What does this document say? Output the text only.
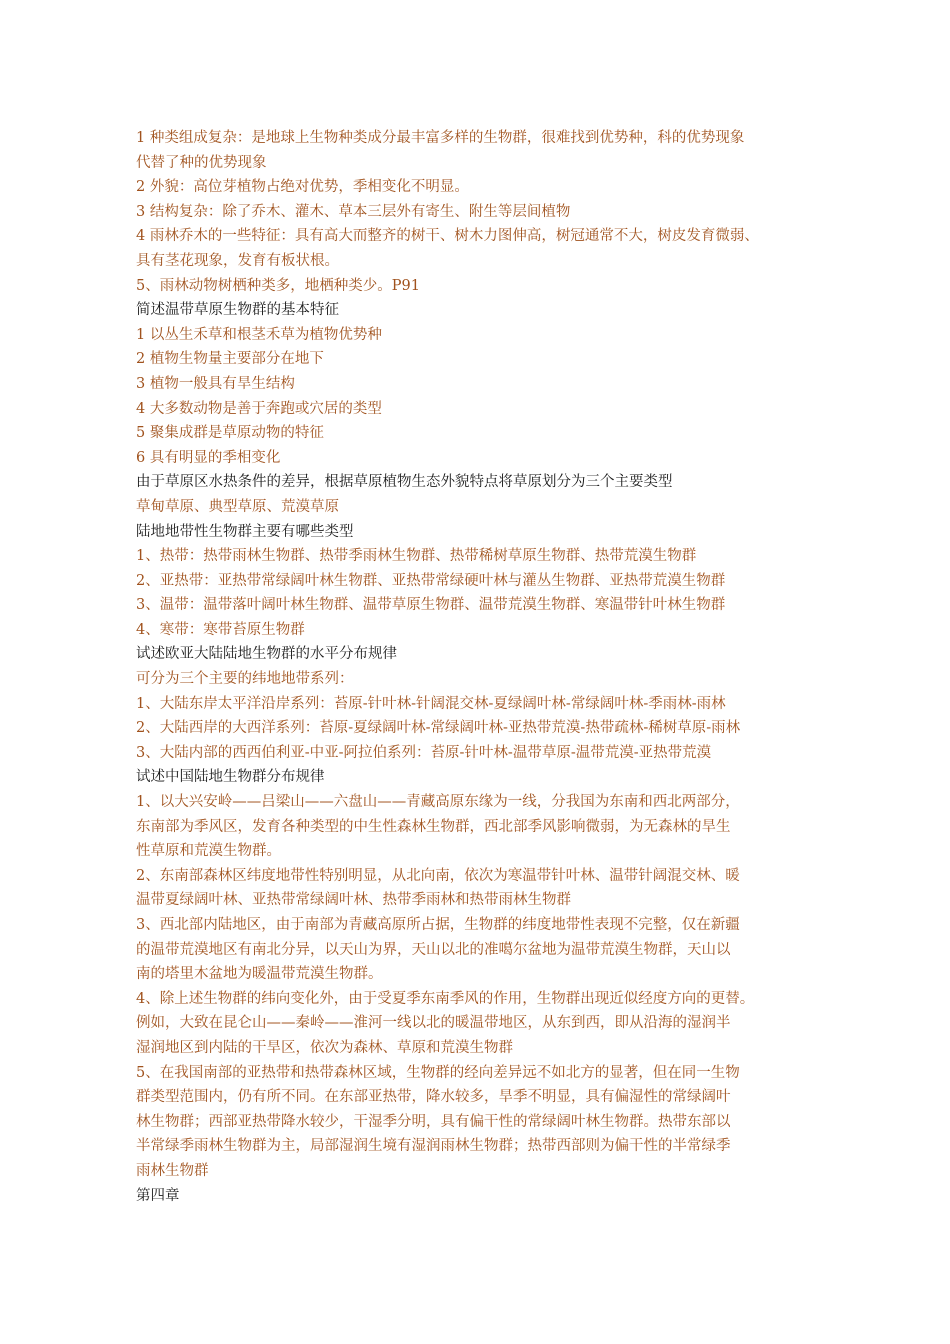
1 种类组成复杂：是地球上生物种类成分最丰富多样的生物群，很难找到优势种，科的优势现象
代替了种的优势现象
2 外貌：高位芽植物占绝对优势，季相变化不明显。
3 结构复杂：除了乔木、灌木、草本三层外有寄生、附生等层间植物
4 雨林乔木的一些特征：具有高大而整齐的树干、树木力图伸高，树冠通常不大，树皮发育微弱、
具有茎花现象，发育有板状根。
5、雨林动物树栖种类多，地栖种类少。P91
简述温带草原生物群的基本特征
1 以丛生禾草和根茎禾草为植物优势种
2 植物生物量主要部分在地下
3 植物一般具有旱生结构
4 大多数动物是善于奔跑或穴居的类型
5 聚集成群是草原动物的特征
6 具有明显的季相变化
由于草原区水热条件的差异，根据草原植物生态外貌特点将草原划分为三个主要类型
草甸草原、典型草原、荒漠草原
陆地地带性生物群主要有哪些类型
1、热带：热带雨林生物群、热带季雨林生物群、热带稀树草原生物群、热带荒漠生物群
2、亚热带：亚热带常绿阔叶林生物群、亚热带常绿硬叶林与灌丛生物群、亚热带荒漠生物群
3、温带：温带落叶阔叶林生物群、温带草原生物群、温带荒漠生物群、寒温带针叶林生物群
4、寒带：寒带苔原生物群
试述欧亚大陆陆地生物群的水平分布规律
可分为三个主要的纬地地带系列：
1、大陆东岸太平洋沿岸系列：苔原-针叶林-针阔混交林-夏绿阔叶林-常绿阔叶林-季雨林-雨林
2、大陆西岸的大西洋系列：苔原-夏绿阔叶林-常绿阔叶林-亚热带荒漠-热带疏林-稀树草原-雨林
3、大陆内部的西西伯利亚-中亚-阿拉伯系列：苔原-针叶林-温带草原-温带荒漠-亚热带荒漠
试述中国陆地生物群分布规律
1、以大兴安岭——吕梁山——六盘山——青藏高原东缘为一线，分我国为东南和西北两部分，
东南部为季风区，发育各种类型的中生性森林生物群，西北部季风影响微弱，为无森林的旱生
性草原和荒漠生物群。
2、东南部森林区纬度地带性特别明显，从北向南，依次为寒温带针叶林、温带针阔混交林、暖
温带夏绿阔叶林、亚热带常绿阔叶林、热带季雨林和热带雨林生物群
3、西北部内陆地区，由于南部为青藏高原所占据，生物群的纬度地带性表现不完整，仅在新疆
的温带荒漠地区有南北分异，以天山为界，天山以北的准噶尔盆地为温带荒漠生物群，天山以
南的塔里木盆地为暖温带荒漠生物群。
4、除上述生物群的纬向变化外，由于受夏季东南季风的作用，生物群出现近似经度方向的更替。
例如，大致在昆仑山——秦岭——淮河一线以北的暖温带地区，从东到西，即从沿海的湿润半
湿润地区到内陆的干旱区，依次为森林、草原和荒漠生物群
5、在我国南部的亚热带和热带森林区域，生物群的经向差异远不如北方的显著，但在同一生物
群类型范围内，仍有所不同。在东部亚热带，降水较多，旱季不明显，具有偏湿性的常绿阔叶
林生物群；西部亚热带降水较少，干湿季分明，具有偏干性的常绿阔叶林生物群。热带东部以
半常绿季雨林生物群为主，局部湿润生境有湿润雨林生物群；热带西部则为偏干性的半常绿季
雨林生物群
第四章
